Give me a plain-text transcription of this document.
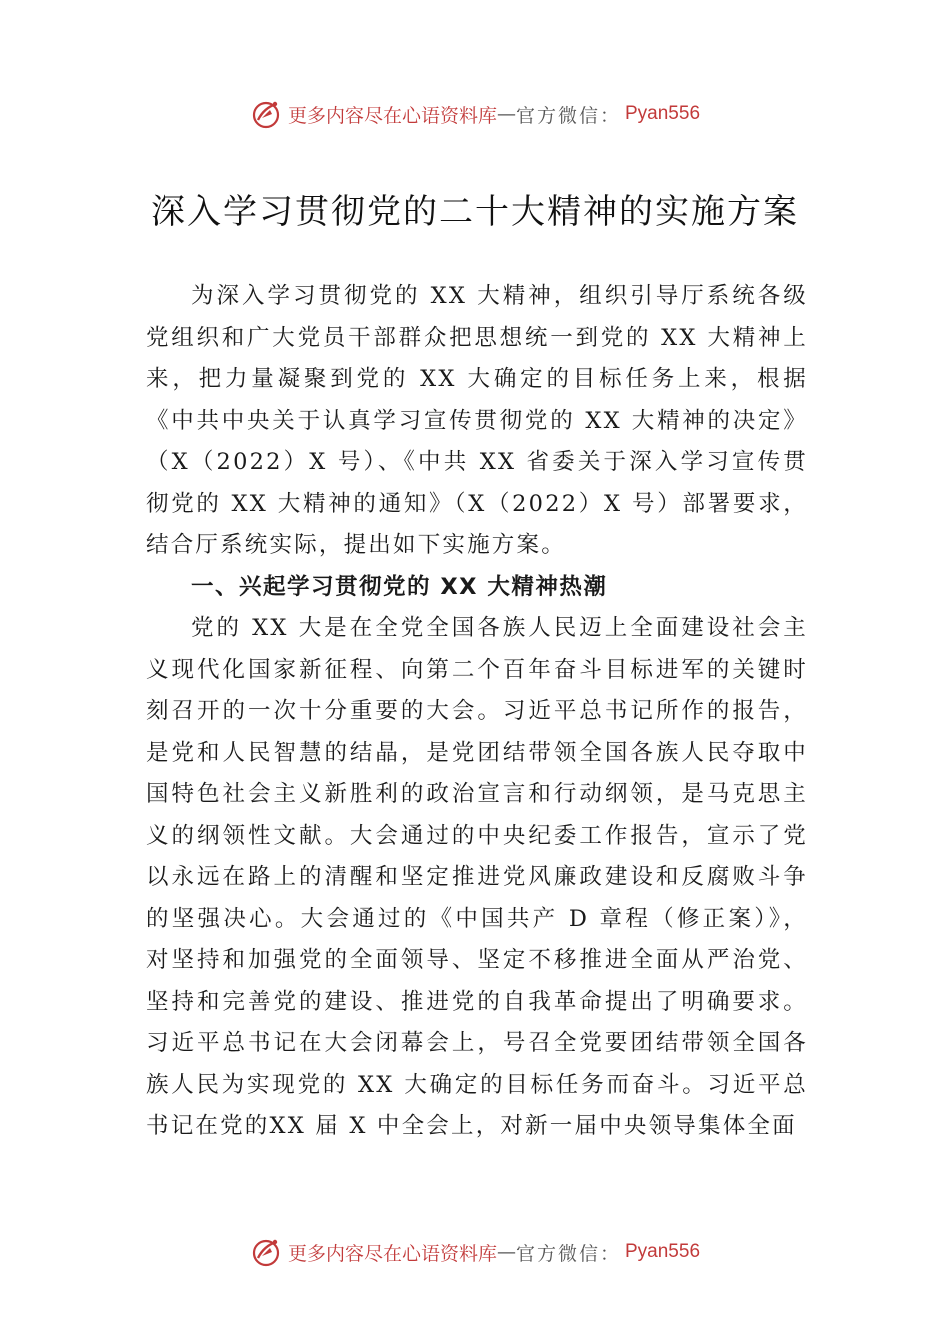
更多内容尽在心语资料库 — 官方微信： Pyan556
深入学习贯彻党的二十大精神的实施方案

为深入学习贯彻党的 XX 大精神，组织引导厅系统各级党组织和广大党员干部群众把思想统一到党的 XX 大精神上来，把力量凝聚到党的 XX 大确定的目标任务上来，根据《中共中央关于认真学习宣传贯彻党的 XX 大精神的决定》（X（2022）X 号）、《中共 XX 省委关于深入学习宣传贯彻党的 XX 大精神的通知》（X（2022）X 号）部署要求，结合厅系统实际，提出如下实施方案。

一、兴起学习贯彻党的 XX 大精神热潮

党的 XX 大是在全党全国各族人民迈上全面建设社会主义现代化国家新征程、向第二个百年奋斗目标进军的关键时刻召开的一次十分重要的大会。习近平总书记所作的报告， 是党和人民智慧的结晶，是党团结带领全国各族人民夺取中国特色社会主义新胜利的政治宣言和行动纲领，是马克思主义的纲领性文献。大会通过的中央纪委工作报告，宣示了党以永远在路上的清醒和坚定推进党风廉政建设和反腐败斗争的坚强决心。大会通过的《中国共产 D 章程（修正案）》， 对坚持和加强党的全面领导、坚定不移推进全面从严治党、坚持和完善党的建设、推进党的自我革命提出了明确要求。 习近平总书记在大会闭幕会上，号召全党要团结带领全国各族人民为实现党的 XX 大确定的目标任务而奋斗。习近平总书记在党的XX 届 X 中全会上，对新一届中央领导集体全面

更多内容尽在心语资料库 — 官方微信： Pyan556
